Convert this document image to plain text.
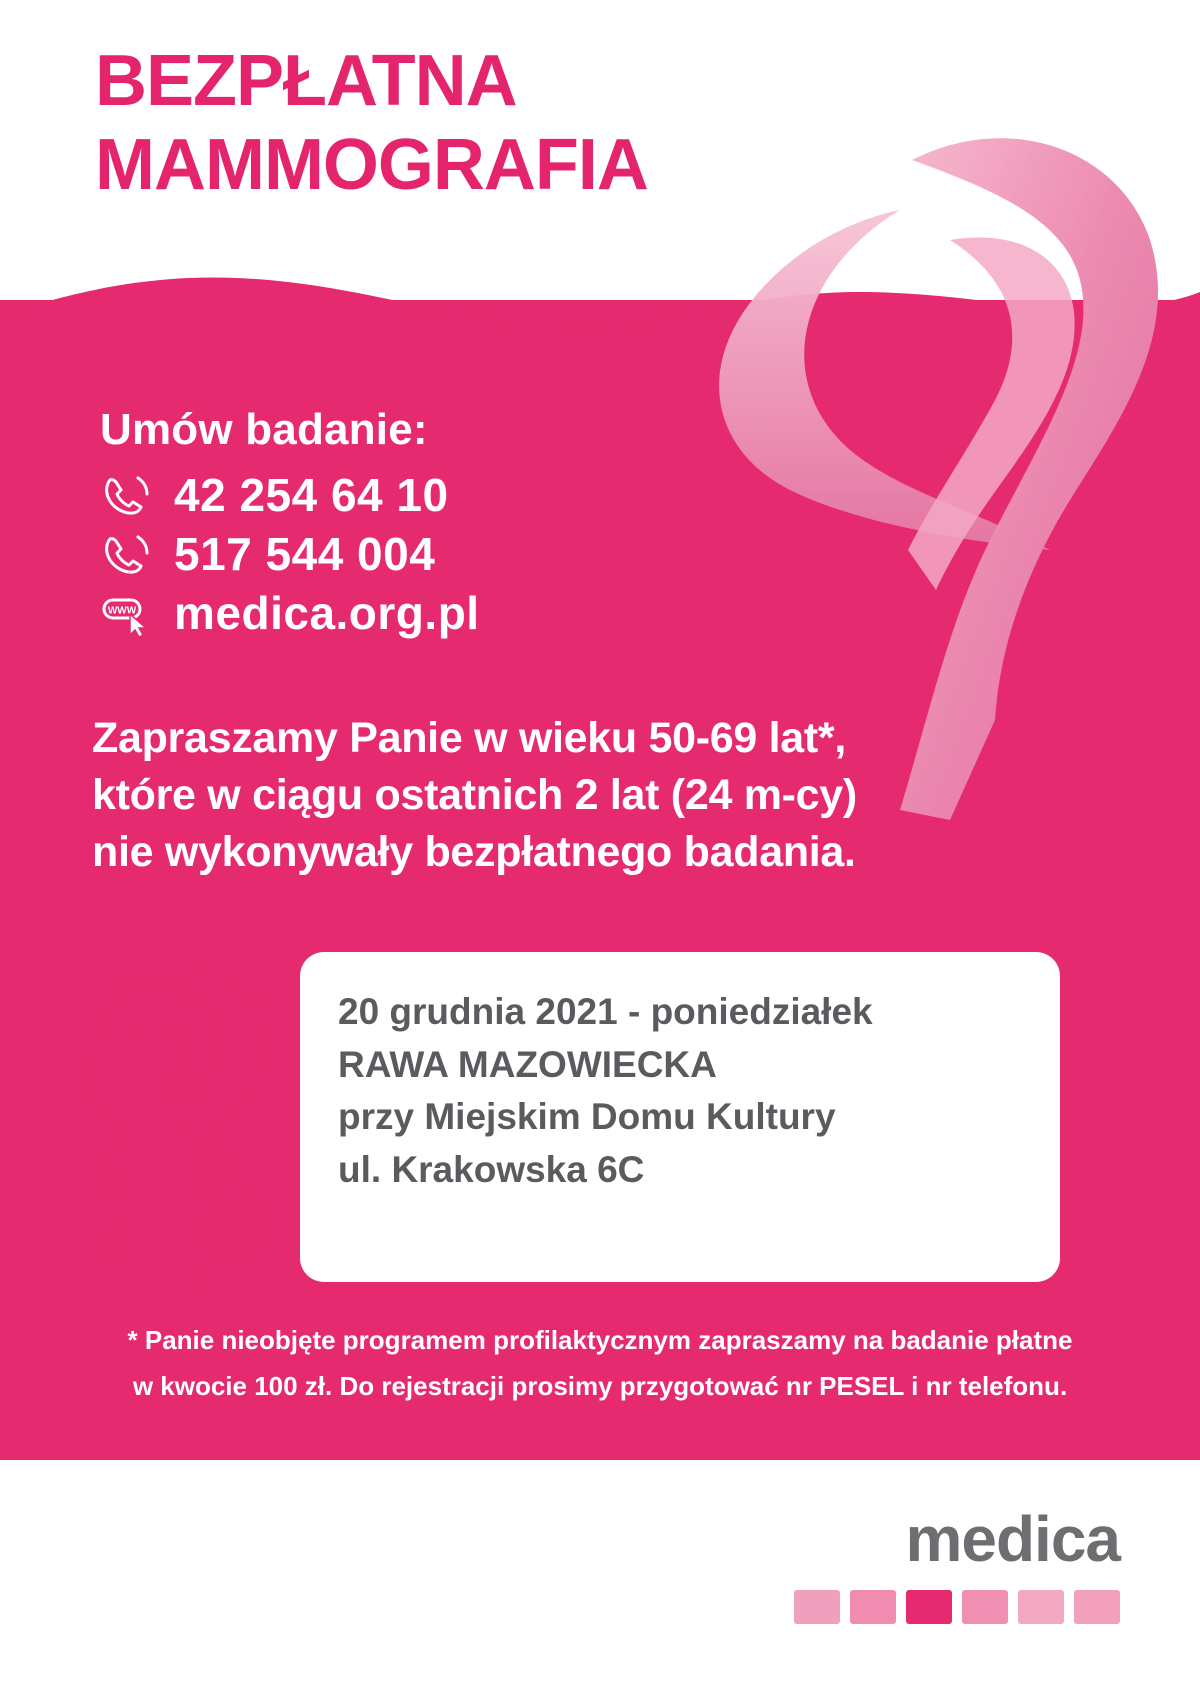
BEZPŁATNA
MAMMOGRAFIA
Umów badanie:
42 254 64 10
517 544 004
WWW medica.org.pl
Zapraszamy Panie w wieku 50-69 lat*,
które w ciągu ostatnich 2 lat (24 m-cy)
nie wykonywały bezpłatnego badania.
20 grudnia 2021 - poniedziałek
RAWA MAZOWIECKA
przy Miejskim Domu Kultury
ul. Krakowska 6C
* Panie nieobjęte programem profilaktycznym zapraszamy na badanie płatne
w kwocie 100 zł. Do rejestracji prosimy przygotować nr PESEL i nr telefonu.
medica
